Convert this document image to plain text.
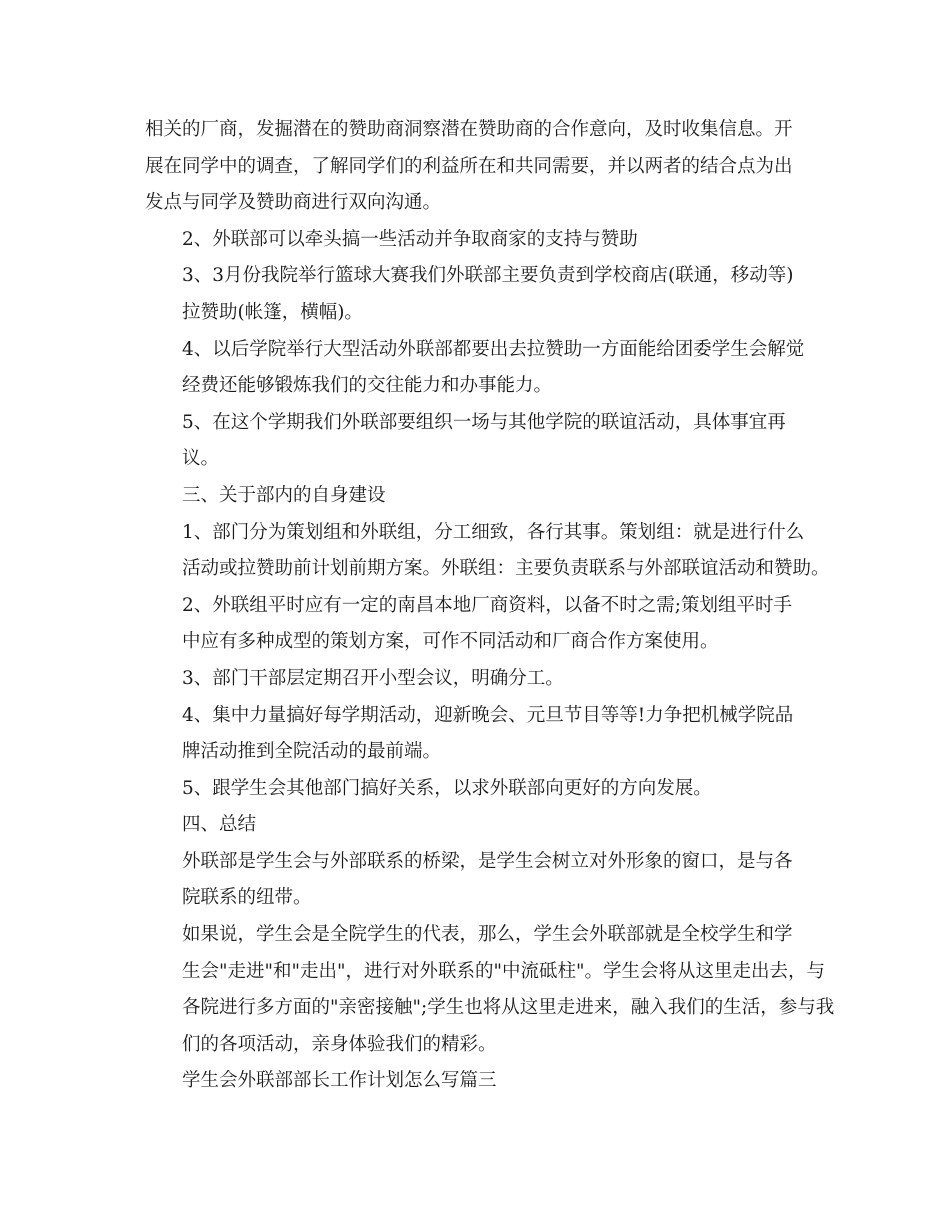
相关的厂商，发掘潜在的赞助商洞察潜在赞助商的合作意向，及时收集信息。开
展在同学中的调查，了解同学们的利益所在和共同需要，并以两者的结合点为出
发点与同学及赞助商进行双向沟通。
2、外联部可以牵头搞一些活动并争取商家的支持与赞助
3、3月份我院举行篮球大赛我们外联部主要负责到学校商店(联通，移动等)
拉赞助(帐篷，横幅)。
4、以后学院举行大型活动外联部都要出去拉赞助一方面能给团委学生会解觉
经费还能够锻炼我们的交往能力和办事能力。
5、在这个学期我们外联部要组织一场与其他学院的联谊活动，具体事宜再
议。
三、关于部内的自身建设
1、部门分为策划组和外联组，分工细致，各行其事。策划组：就是进行什么
活动或拉赞助前计划前期方案。外联组：主要负责联系与外部联谊活动和赞助。
2、外联组平时应有一定的南昌本地厂商资料，以备不时之需;策划组平时手
中应有多种成型的策划方案，可作不同活动和厂商合作方案使用。
3、部门干部层定期召开小型会议，明确分工。
4、集中力量搞好每学期活动，迎新晚会、元旦节目等等!力争把机械学院品
牌活动推到全院活动的最前端。
5、跟学生会其他部门搞好关系，以求外联部向更好的方向发展。
四、总结
外联部是学生会与外部联系的桥梁，是学生会树立对外形象的窗口，是与各
院联系的纽带。
如果说，学生会是全院学生的代表，那么，学生会外联部就是全校学生和学
生会"走进"和"走出"，进行对外联系的"中流砥柱"。学生会将从这里走出去，与
各院进行多方面的"亲密接触";学生也将从这里走进来，融入我们的生活，参与我
们的各项活动，亲身体验我们的精彩。
学生会外联部部长工作计划怎么写篇三
